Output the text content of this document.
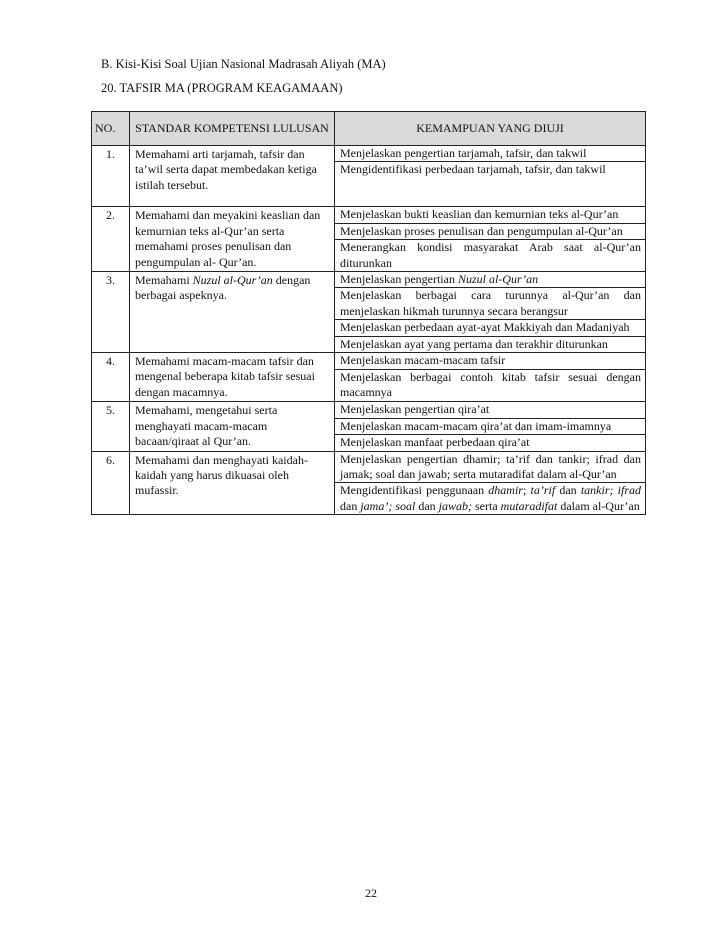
B. Kisi-Kisi Soal Ujian Nasional Madrasah Aliyah (MA)
20. TAFSIR MA (PROGRAM KEAGAMAAN)
NO.	STANDAR KOMPETENSI LULUSAN	KEMAMPUAN YANG DIUJI
1.	Memahami arti tarjamah, tafsir dan ta’wil serta dapat membedakan ketiga istilah tersebut.	Menjelaskan pengertian tarjamah, tafsir, dan takwil
		Mengidentifikasi perbedaan tarjamah, tafsir, dan takwil
2.	Memahami dan meyakini keaslian dan kemurnian teks al-Qur’an serta memahami proses penulisan dan pengumpulan al- Qur’an.	Menjelaskan bukti keaslian dan kemurnian teks al-Qur’an
		Menjelaskan proses penulisan dan pengumpulan al-Qur’an
		Menerangkan kondisi masyarakat Arab saat al-Qur’an diturunkan
3.	Memahami Nuzul al-Qur’an dengan berbagai aspeknya.	Menjelaskan pengertian Nuzul al-Qur’an
		Menjelaskan berbagai cara turunnya al-Qur’an dan menjelaskan hikmah turunnya secara berangsur
		Menjelaskan perbedaan ayat-ayat Makkiyah dan Madaniyah
		Menjelaskan ayat yang pertama dan terakhir diturunkan
4.	Memahami macam-macam tafsir dan mengenal beberapa kitab tafsir sesuai dengan macamnya.	Menjelaskan macam-macam tafsir
		Menjelaskan berbagai contoh kitab tafsir sesuai dengan macamnya
5.	Memahami, mengetahui serta menghayati macam-macam bacaan/qiraat al Qur’an.	Menjelaskan pengertian qira’at
		Menjelaskan macam-macam qira’at dan imam-imamnya
		Menjelaskan manfaat perbedaan qira’at
6.	Memahami dan menghayati kaidah-kaidah yang harus dikuasai oleh mufassir.	Menjelaskan pengertian dhamir; ta’rif dan tankir; ifrad dan jamak; soal dan jawab; serta mutaradifat dalam al-Qur’an
		Mengidentifikasi penggunaan dhamir; ta’rif dan tankir; ifrad dan jama’; soal dan jawab; serta mutaradifat dalam al-Qur’an
22
